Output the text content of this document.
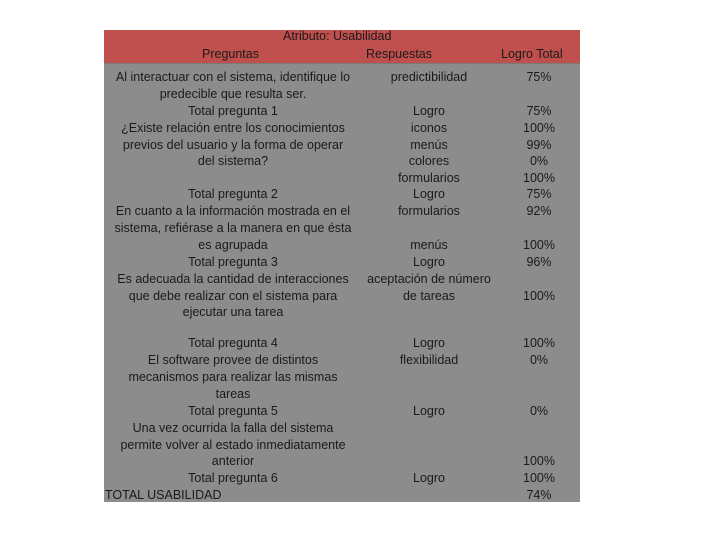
Atributo: Usabilidad
Preguntas	Respuestas	Logro Total
Al interactuar con el sistema, identifique lo
predecible que resulta ser.
Total pregunta 1
¿Existe relación entre los conocimientos
previos del usuario y la forma de operar
del sistema?
Total pregunta 2
En cuanto a la información mostrada en el
sistema, refiérase a la manera en que ésta
es agrupada
Total pregunta 3
Es adecuada la cantidad de interacciones
que debe realizar con el sistema para
ejecutar una tarea
Total pregunta 4
El software provee de distintos
mecanismos para realizar las mismas
tareas
Total pregunta 5
Una vez ocurrida la falla del sistema
permite volver al estado inmediatamente
anterior
Total pregunta 6
TOTAL USABILIDAD
predictibilidad
Logro
iconos
menús
colores
formularios
Logro
formularios
menús
Logro
aceptación de número
de tareas
Logro
flexibilidad
Logro
Logro
75%
75%
100%
99%
0%
100%
75%
92%
100%
96%
100%
100%
0%
0%
100%
100%
74%
